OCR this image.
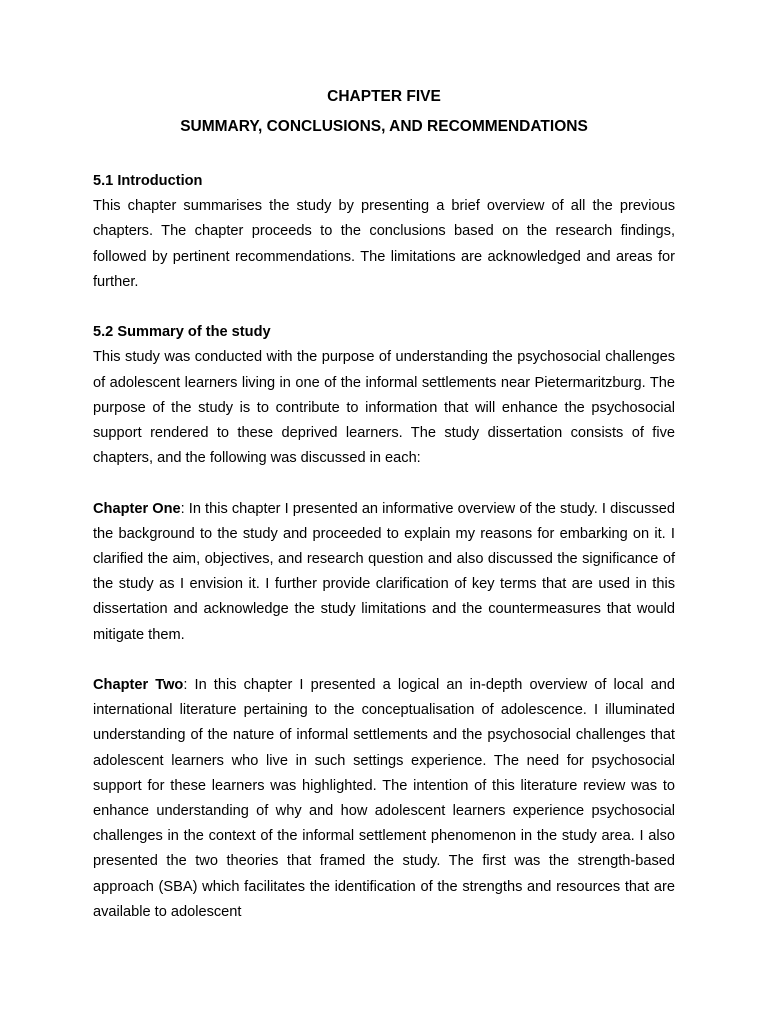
CHAPTER FIVE
SUMMARY, CONCLUSIONS, AND RECOMMENDATIONS
5.1 Introduction

This chapter summarises the study by presenting a brief overview of all the previous chapters. The chapter proceeds to the conclusions based on the research findings, followed by pertinent recommendations. The limitations are acknowledged and areas for further.

5.2 Summary of the study

This study was conducted with the purpose of understanding the psychosocial challenges of adolescent learners living in one of the informal settlements near Pietermaritzburg. The purpose of the study is to contribute to information that will enhance the psychosocial support rendered to these deprived learners. The study dissertation consists of five chapters, and the following was discussed in each:

Chapter One: In this chapter I presented an informative overview of the study. I discussed the background to the study and proceeded to explain my reasons for embarking on it. I clarified the aim, objectives, and research question and also discussed the significance of the study as I envision it. I further provide clarification of key terms that are used in this dissertation and acknowledge the study limitations and the countermeasures that would mitigate them.

Chapter Two: In this chapter I presented a logical an in-depth overview of local and international literature pertaining to the conceptualisation of adolescence. I illuminated understanding of the nature of informal settlements and the psychosocial challenges that adolescent learners who live in such settings experience. The need for psychosocial support for these learners was highlighted. The intention of this literature review was to enhance understanding of why and how adolescent learners experience psychosocial challenges in the context of the informal settlement phenomenon in the study area. I also presented the two theories that framed the study. The first was the strength-based approach (SBA) which facilitates the identification of the strengths and resources that are available to adolescent
